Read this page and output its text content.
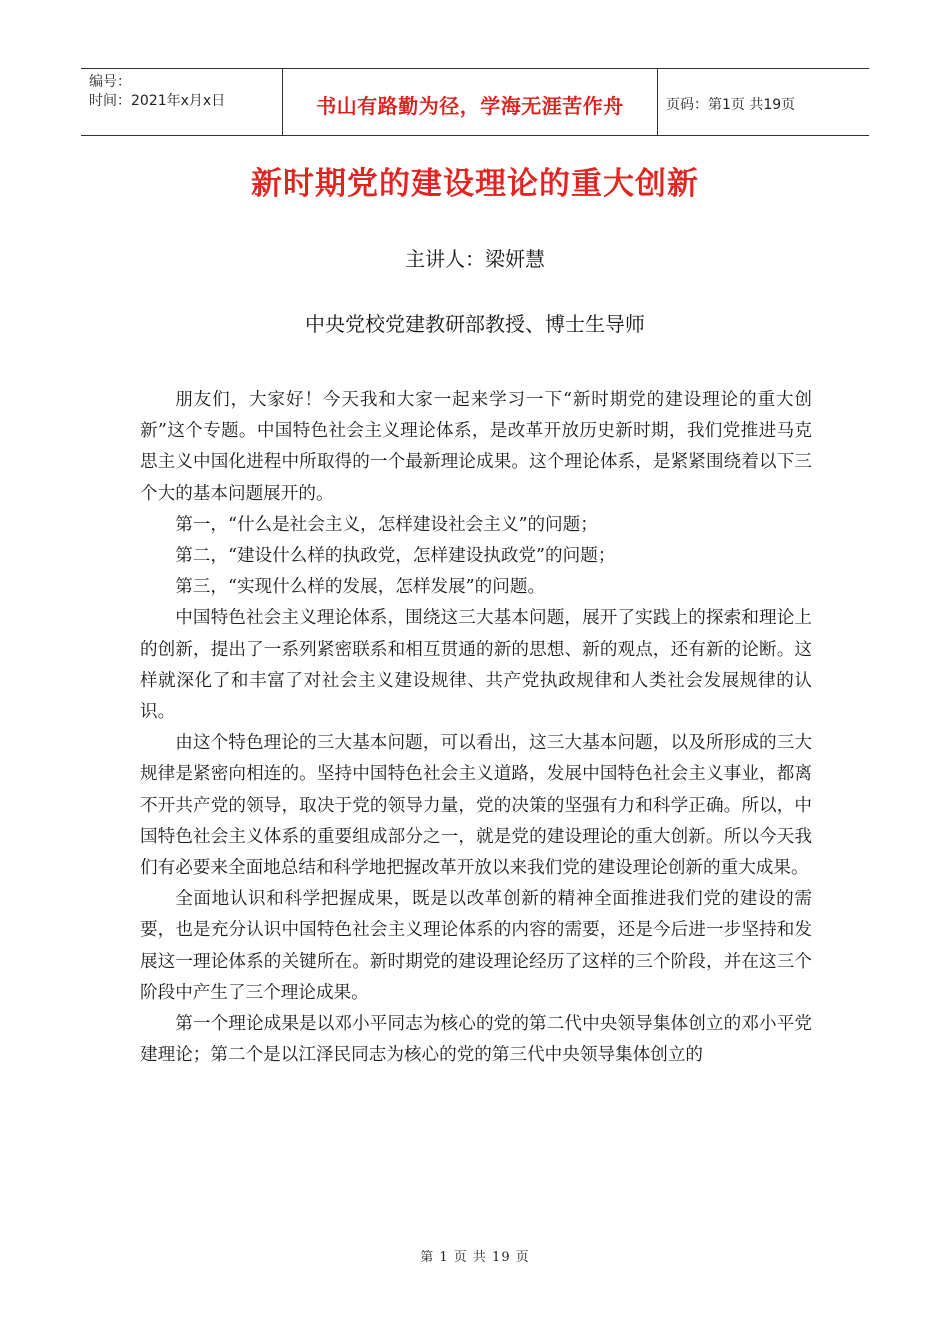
编号：
时间：2021年x月x日	书山有路勤为径，学海无涯苦作舟	页码：第1页 共19页
新时期党的建设理论的重大创新
主讲人：梁妍慧
中央党校党建教研部教授、博士生导师

朋友们，大家好！今天我和大家一起来学习一下“新时期党的建设理论的重大创新”这个专题。中国特色社会主义理论体系，是改革开放历史新时期，我们党推进马克思主义中国化进程中所取得的一个最新理论成果。这个理论体系，是紧紧围绕着以下三个大的基本问题展开的。

第一，“什么是社会主义，怎样建设社会主义”的问题；

第二，“建设什么样的执政党，怎样建设执政党”的问题；

第三，“实现什么样的发展，怎样发展”的问题。

中国特色社会主义理论体系，围绕这三大基本问题，展开了实践上的探索和理论上的创新，提出了一系列紧密联系和相互贯通的新的思想、新的观点，还有新的论断。这样就深化了和丰富了对社会主义建设规律、共产党执政规律和人类社会发展规律的认识。

由这个特色理论的三大基本问题，可以看出，这三大基本问题，以及所形成的三大规律是紧密向相连的。坚持中国特色社会主义道路，发展中国特色社会主义事业，都离不开共产党的领导，取决于党的领导力量，党的决策的坚强有力和科学正确。所以，中国特色社会主义体系的重要组成部分之一，就是党的建设理论的重大创新。所以今天我们有必要来全面地总结和科学地把握改革开放以来我们党的建设理论创新的重大成果。

全面地认识和科学把握成果，既是以改革创新的精神全面推进我们党的建设的需要，也是充分认识中国特色社会主义理论体系的内容的需要，还是今后进一步坚持和发展这一理论体系的关键所在。新时期党的建设理论经历了这样的三个阶段，并在这三个阶段中产生了三个理论成果。

第一个理论成果是以邓小平同志为核心的党的第二代中央领导集体创立的邓小平党建理论；第二个是以江泽民同志为核心的党的第三代中央领导集体创立的

第 1 页 共 19 页
